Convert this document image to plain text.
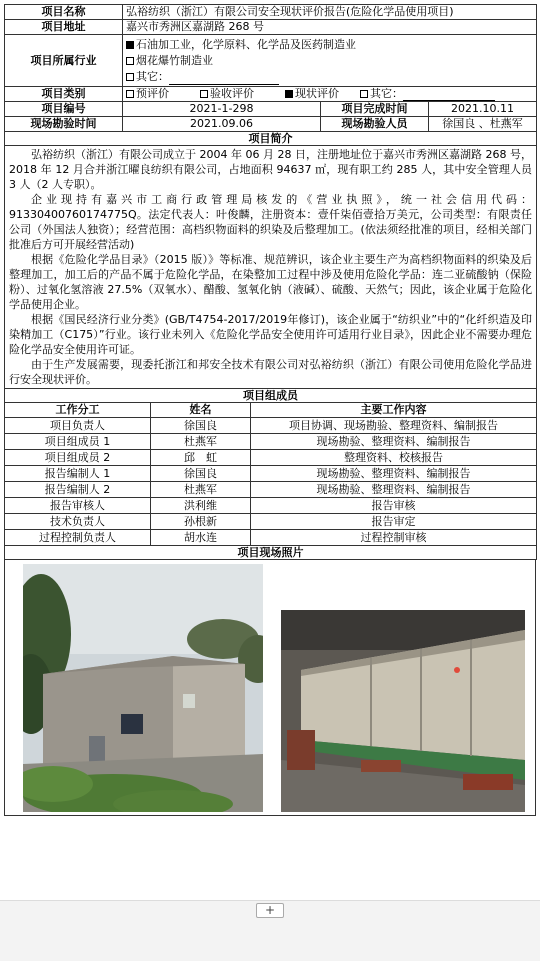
项目名称	弘裕纺织（浙江）有限公司安全现状评价报告(危险化学品使用项目)		
项目地址	嘉兴市秀洲区嘉湖路 268 号		
项目所属行业	石油加工业，化学原料、化学品及医药制造业
烟花爆竹制造业
其它：		

项目类别	预评价 验收评价 现状评价 其它：		
项目编号	2021-1-298	项目完成时间	2021.10.11
现场勘验时间	2021.09.06	现场勘验人员	徐国良 、杜燕军
项目简介			

弘裕纺织（浙江）有限公司成立于 2004 年 06 月 28 日，注册地址位于嘉兴市秀洲区嘉湖路 268 号，2018 年 12 月合并浙江曜良纺织有限公司，占地面积 94637 ㎡，现有职工约 285 人，其中安全管理人员 3 人（2 人专职）。

企业现持有嘉兴市工商行政管理局核发的《营业执照》，统一社会信用代码：91330400760174775Q。法定代表人：叶俊麟，注册资本：壹仟柒佰壹拾万美元，公司类型：有限责任公司（外国法人独资）；经营范围：高档织物面料的织染及后整理加工。(依法须经批准的项目，经相关部门批准后方可开展经营活动)

根据《危险化学品目录》（2015 版）》等标准、规范辨识，该企业主要生产为高档织物面料的织染及后整理加工，加工后的产品不属于危险化学品，在染整加工过程中涉及使用危险化学品：连二亚硫酸钠（保险粉）、过氧化氢溶液 27.5%（双氧水）、醋酸、氢氧化钠（液碱）、硫酸、天然气；因此，该企业属于危险化学品使用企业。

根据《国民经济行业分类》(GB/T4754-2017/2019年修订)，该企业属于“纺织业”中的“化纤织造及印染精加工（C175）”行业。该行业未列入《危险化学品安全使用许可适用行业目录》，因此企业不需要办理危险化学品安全使用许可证。

由于生产发展需要，现委托浙江和邦安全技术有限公司对弘裕纺织（浙江）有限公司使用危险化学品进行安全现状评价。			

项目组成员		
工作分工	姓名	主要工作内容
项目负责人	徐国良	项目协调、现场勘验、整理资料、编制报告
项目组成员 1	杜燕军	现场勘验、整理资料、编制报告
项目组成员 2	邱　虹	整理资料、校核报告
报告编制人 1	徐国良	现场勘验、整理资料、编制报告
报告编制人 2	杜燕军	现场勘验、整理资料、编制报告
报告审核人	洪利维	报告审核
技术负责人	孙根新	报告审定
过程控制负责人	胡水连	过程控制审核
项目现场照片		
+
